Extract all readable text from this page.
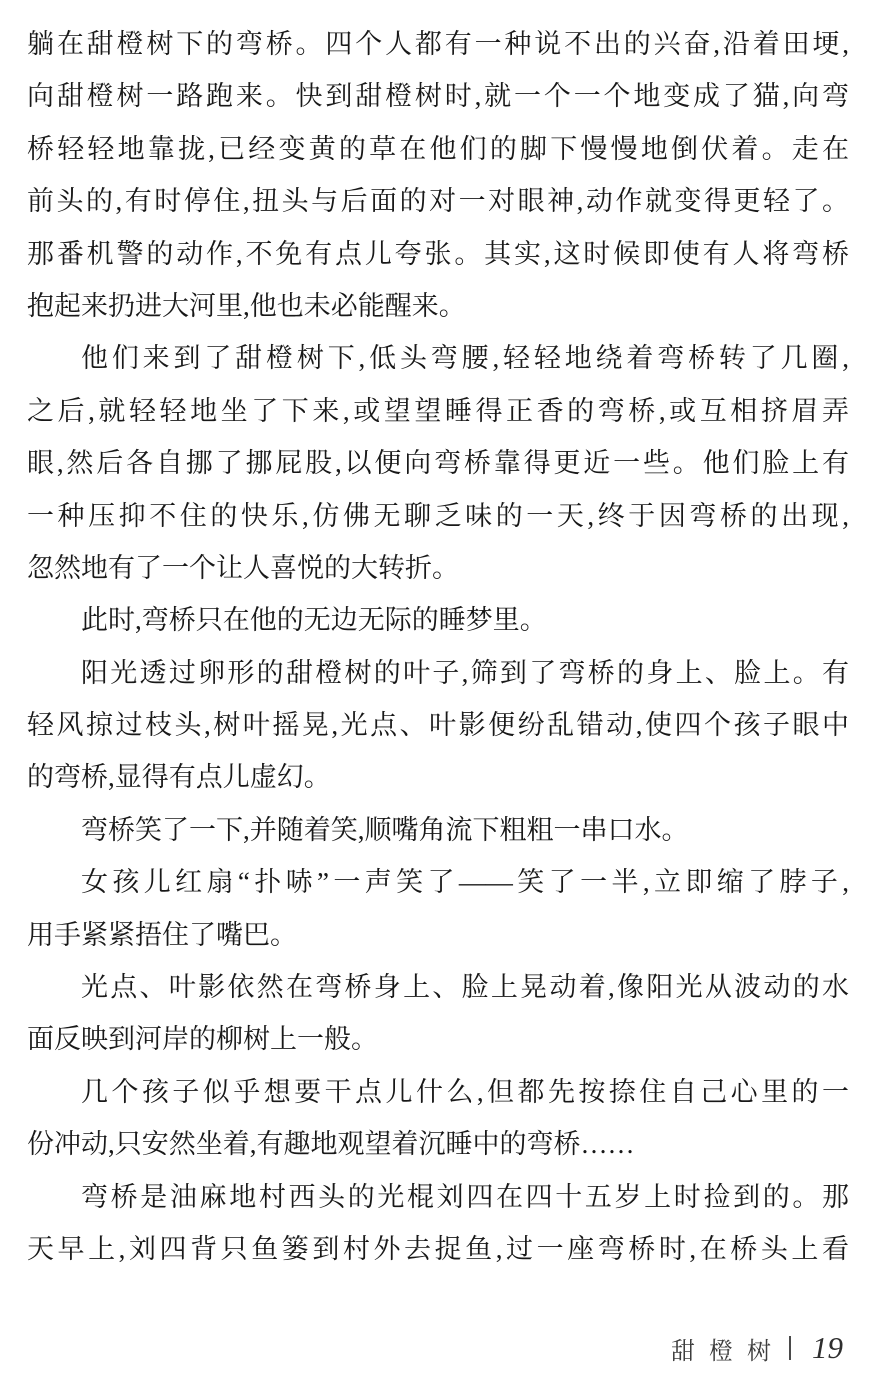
躺在甜橙树下的弯桥。四个人都有一种说不出的兴奋,沿着田埂,
向甜橙树一路跑来。快到甜橙树时,就一个一个地变成了猫,向弯
桥轻轻地靠拢,已经变黄的草在他们的脚下慢慢地倒伏着。走在
前头的,有时停住,扭头与后面的对一对眼神,动作就变得更轻了。
那番机警的动作,不免有点儿夸张。其实,这时候即使有人将弯桥
抱起来扔进大河里,他也未必能醒来。
他们来到了甜橙树下,低头弯腰,轻轻地绕着弯桥转了几圈,
之后,就轻轻地坐了下来,或望望睡得正香的弯桥,或互相挤眉弄
眼,然后各自挪了挪屁股,以便向弯桥靠得更近一些。他们脸上有
一种压抑不住的快乐,仿佛无聊乏味的一天,终于因弯桥的出现,
忽然地有了一个让人喜悦的大转折。
此时,弯桥只在他的无边无际的睡梦里。
阳光透过卵形的甜橙树的叶子,筛到了弯桥的身上、脸上。有
轻风掠过枝头,树叶摇晃,光点、叶影便纷乱错动,使四个孩子眼中
的弯桥,显得有点儿虚幻。
弯桥笑了一下,并随着笑,顺嘴角流下粗粗一串口水。
女孩儿红扇“扑哧”一声笑了——笑了一半,立即缩了脖子,
用手紧紧捂住了嘴巴。
光点、叶影依然在弯桥身上、脸上晃动着,像阳光从波动的水
面反映到河岸的柳树上一般。
几个孩子似乎想要干点儿什么,但都先按捺住自己心里的一
份冲动,只安然坐着,有趣地观望着沉睡中的弯桥……
弯桥是油麻地村西头的光棍刘四在四十五岁上时捡到的。那
天早上,刘四背只鱼篓到村外去捉鱼,过一座弯桥时,在桥头上看
甜橙树 19
